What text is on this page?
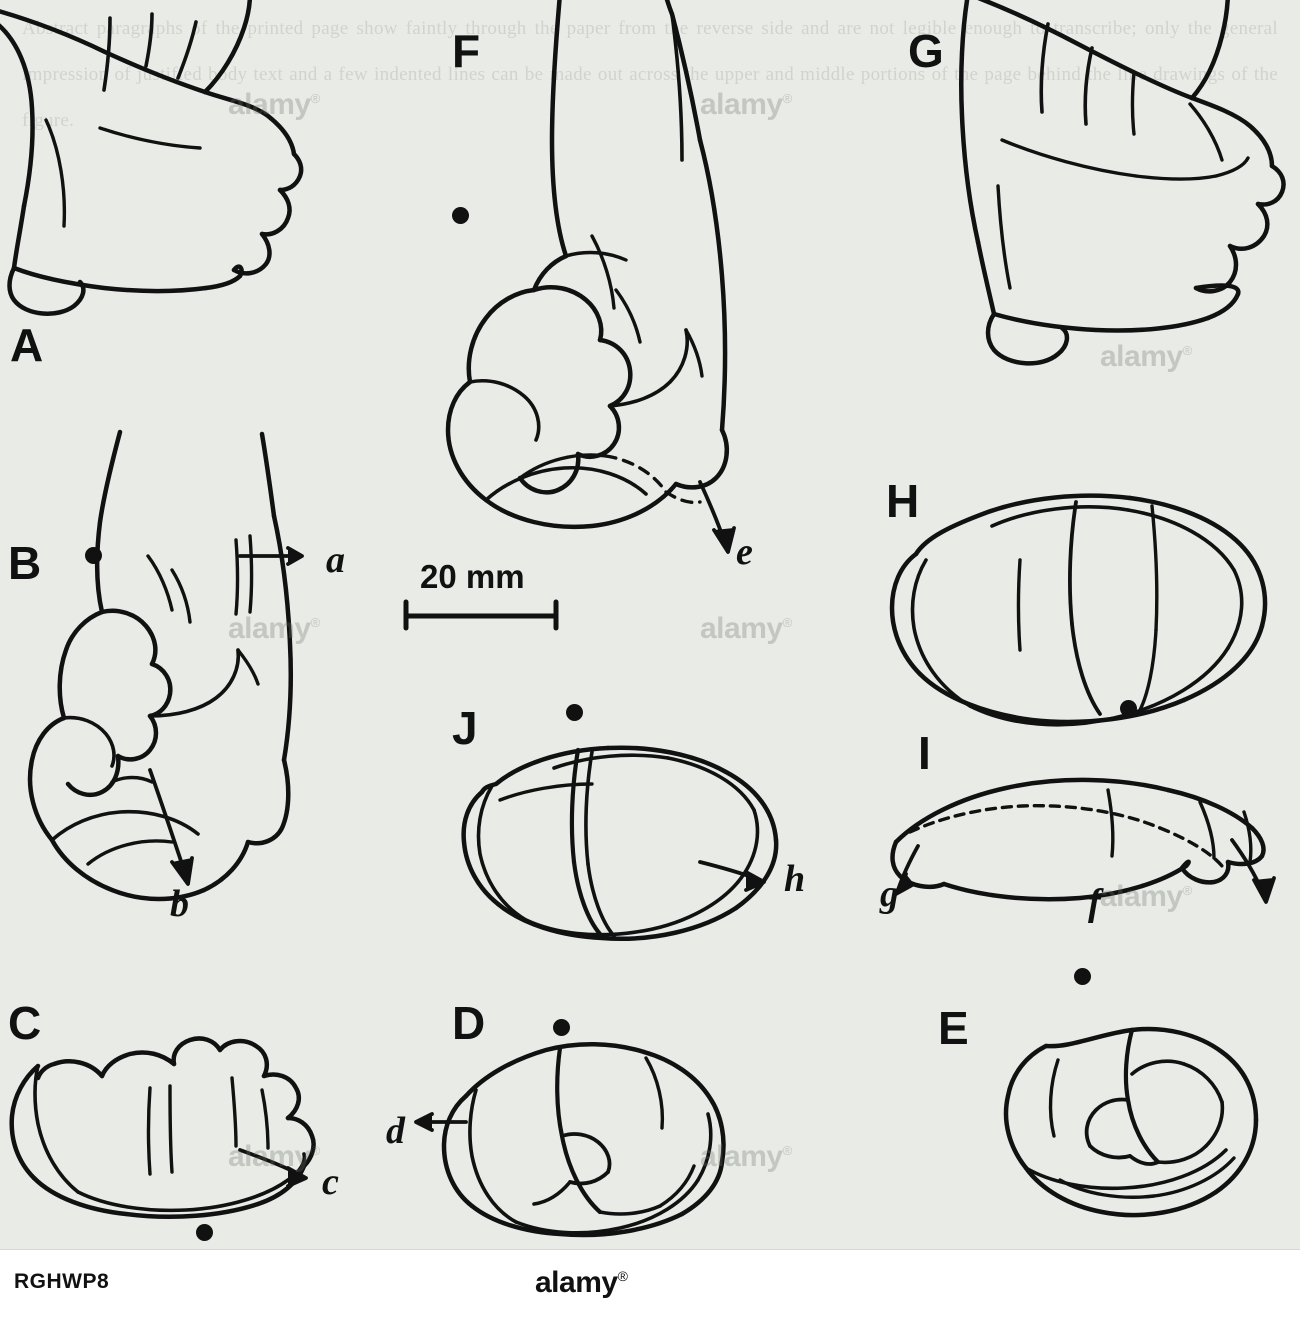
Abstract paragraphs of the printed page show faintly through the paper from the reverse side and are not legible enough to transcribe; only the general impression of justified body text and a few indented lines can be made out across the upper and middle portions of the page behind the line drawings of the figure.
A
B
C	D	E
F	G
H
I
J
a
b
c
d
e
f
g
h
20 mm
alamy®
alamy®
alamy®
alamy®
alamy®
alamy®
alamy®
alamy®
RGHWP8	alamy®
